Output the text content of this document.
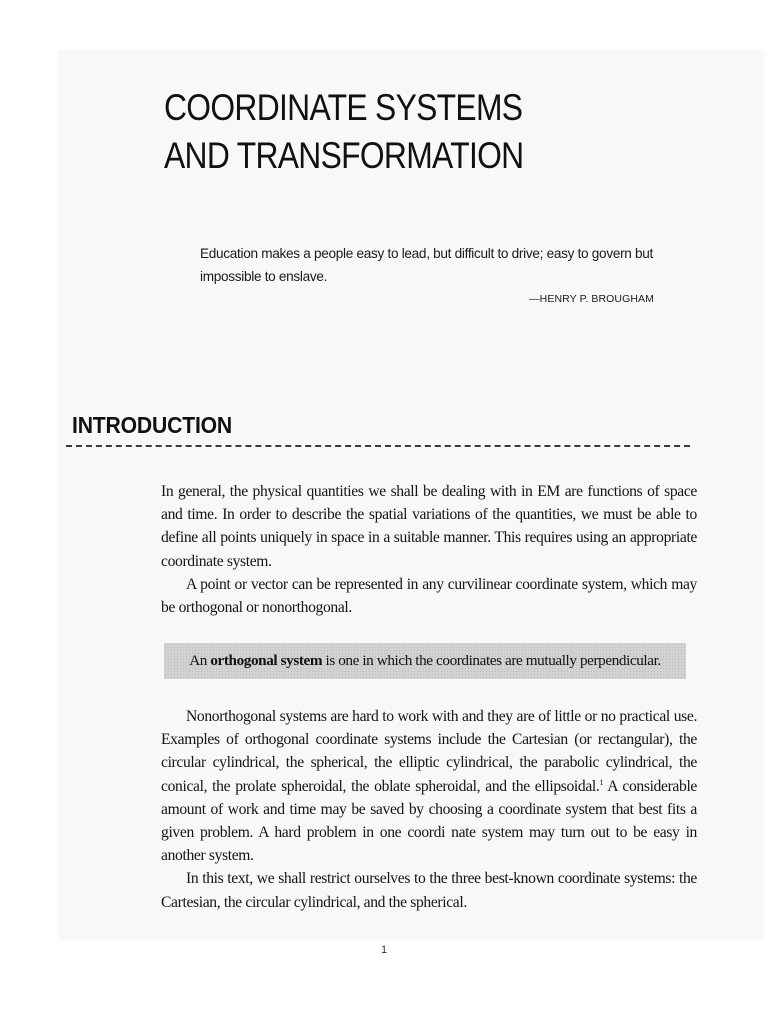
COORDINATE SYSTEMS
AND TRANSFORMATION
Education makes a people easy to lead, but difficult to drive; easy to govern but impossible to enslave.
—HENRY P. BROUGHAM
INTRODUCTION

In general, the physical quantities we shall be dealing with in EM are functions of space and time. In order to describe the spatial variations of the quantities, we must be able to define all points uniquely in space in a suitable manner. This requires using an appropriate coordinate system.

A point or vector can be represented in any curvilinear coordinate system, which may be orthogonal or nonorthogonal.

An orthogonal system is one in which the coordinates are mutually perpendicular.

Nonorthogonal systems are hard to work with and they are of little or no practical use. Examples of orthogonal coordinate systems include the Cartesian (or rectangular), the circular cylindrical, the spherical, the elliptic cylindrical, the parabolic cylindrical, the conical, the prolate spheroidal, the oblate spheroidal, and the ellipsoidal.$^1$ A considerable amount of work and time may be saved by choosing a coordinate system that best fits a given problem. A hard problem in one coordi nate system may turn out to be easy in another system.

In this text, we shall restrict ourselves to the three best-known coordinate systems: the Cartesian, the circular cylindrical, and the spherical.

1
